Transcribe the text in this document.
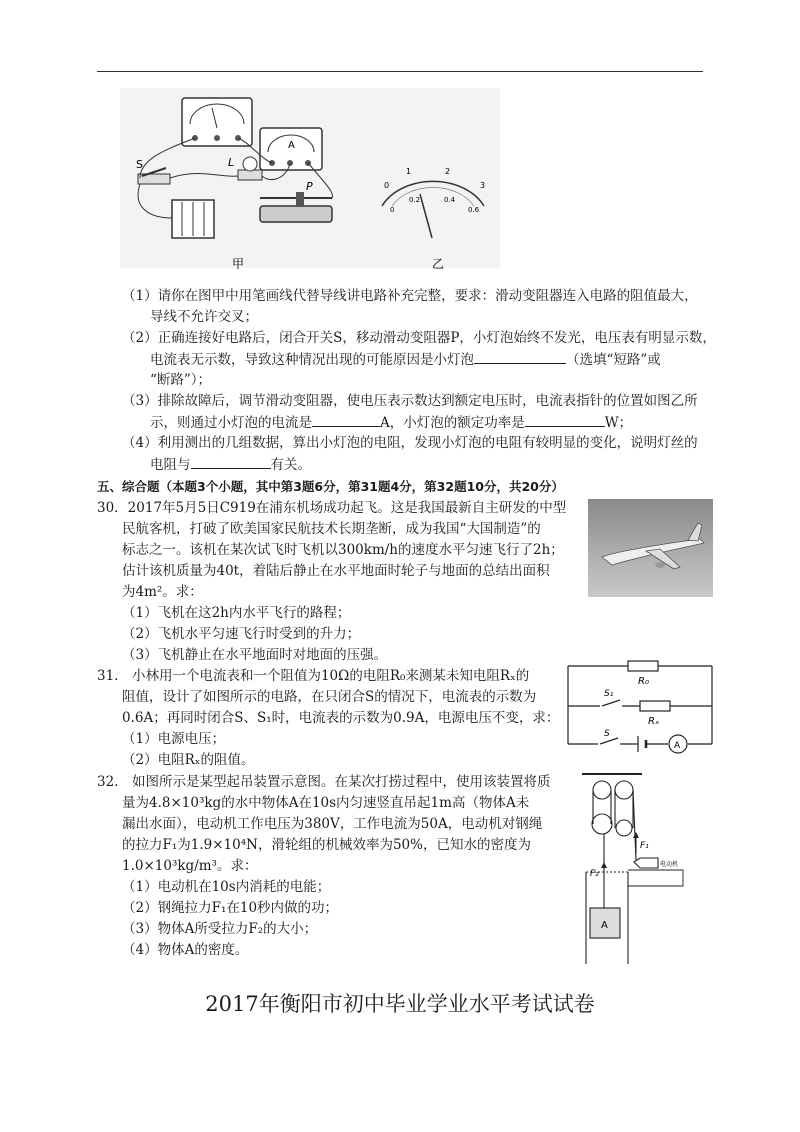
A
S	L
P
甲
0
1	2
3
0
0.2	0.4
0.6
乙
（1）请你在图甲中用笔画线代替导线讲电路补充完整，要求：滑动变阻器连入电路的阻值最大，
导线不允许交叉；
（2）正确连接好电路后，闭合开关S，移动滑动变阻器P，小灯泡始终不发光，电压表有明显示数，
电流表无示数，导致这种情况出现的可能原因是小灯泡	（选填“短路”或
“断路”）；
（3）排除故障后，调节滑动变阻器，使电压表示数达到额定电压时，电流表指针的位置如图乙所
示，则通过小灯泡的电流是	A，小灯泡的额定功率是	W；
（4）利用测出的几组数据，算出小灯泡的电阻，发现小灯泡的电阻有较明显的变化，说明灯丝的
电阻与	有关。
五、综合题（本题3个小题，其中第3题6分，第31题4分，第32题10分，共20分）
30．2017年5月5日C919在浦东机场成功起飞。这是我国最新自主研发的中型
民航客机，打破了欧美国家民航技术长期垄断，成为我国“大国制造”的
标志之一。该机在某次试飞时飞机以300km/h的速度水平匀速飞行了2h；
估计该机质量为40t，着陆后静止在水平地面时轮子与地面的总结出面积
为4m²。求：
（1）飞机在这2h内水平飞行的路程；
（2）飞机水平匀速飞行时受到的升力；
（3）飞机静止在水平地面时对地面的压强。
31.　小林用一个电流表和一个阻值为10Ω的电阻R₀来测某未知电阻Rₓ的
阻值，设计了如图所示的电路，在只闭合S的情况下，电流表的示数为
0.6A；再同时闭合S、S₁时，电流表的示数为0.9A，电源电压不变，求：
（1）电源电压；
（2）电阻Rₓ的阻值。
R₀
S₁
Rₓ
S
A
32.　如图所示是某型起吊装置示意图。在某次打捞过程中，使用该装置将质
量为4.8×10³kg的水中物体A在10s内匀速竖直吊起1m高（物体A未
漏出水面），电动机工作电压为380V，工作电流为50A，电动机对钢绳
的拉力F₁为1.9×10⁴N，滑轮组的机械效率为50%，已知水的密度为
1.0×10³kg/m³。求：
（1）电动机在10s内消耗的电能；
（2）钢绳拉力F₁在10秒内做的功；
（3）物体A所受拉力F₂的大小；
（4）物体A的密度。
F₁
F₂
电动机
A
2017年衡阳市初中毕业学业水平考试试卷
